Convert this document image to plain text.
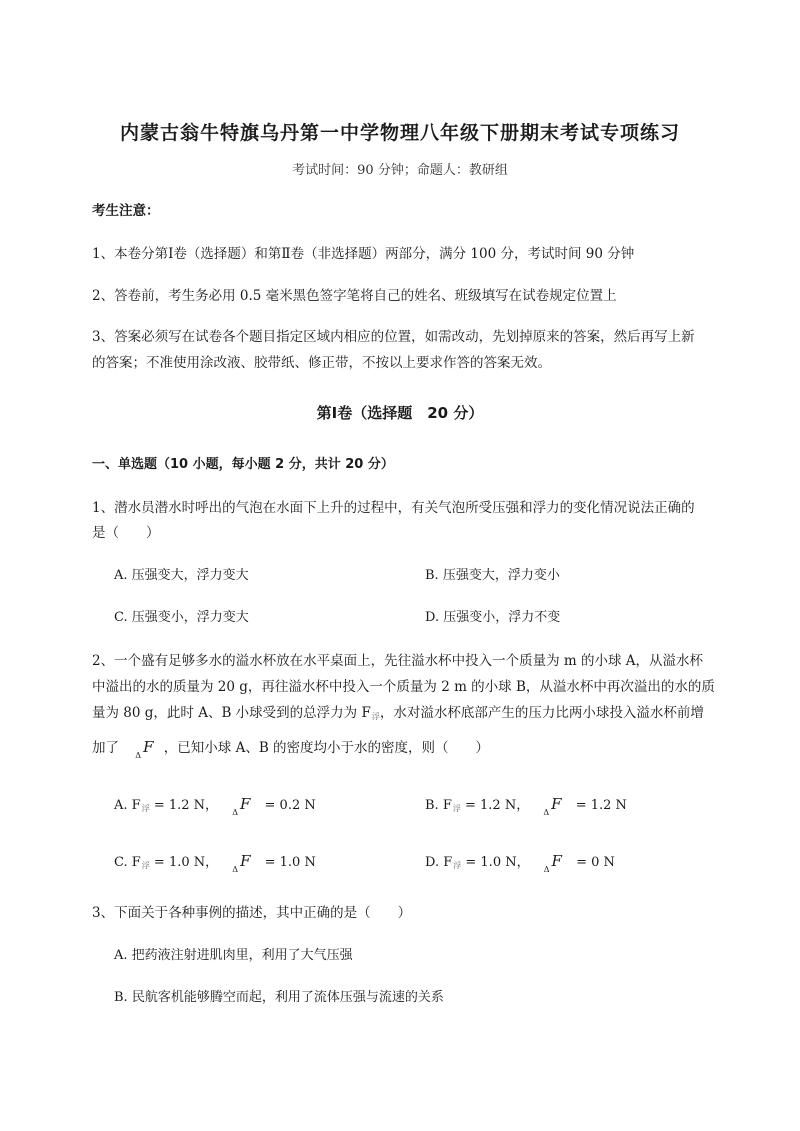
内蒙古翁牛特旗乌丹第一中学物理八年级下册期末考试专项练习
考试时间：90 分钟；命题人：教研组
考生注意：
1、本卷分第Ⅰ卷（选择题）和第Ⅱ卷（非选择题）两部分，满分 100 分，考试时间 90 分钟
2、答卷前，考生务必用 0.5 毫米黑色签字笔将自己的姓名、班级填写在试卷规定位置上
3、答案必须写在试卷各个题目指定区域内相应的位置，如需改动，先划掉原来的答案，然后再写上新
的答案；不准使用涂改液、胶带纸、修正带，不按以上要求作答的答案无效。
第Ⅰ卷（选择题　20 分）
一、单选题（10 小题，每小题 2 分，共计 20 分）
1、潜水员潜水时呼出的气泡在水面下上升的过程中，有关气泡所受压强和浮力的变化情况说法正确的
是（　　）
A. 压强变大，浮力变大	B. 压强变大，浮力变小
C. 压强变小，浮力变大	D. 压强变小，浮力不变
2、一个盛有足够多水的溢水杯放在水平桌面上，先往溢水杯中投入一个质量为 m 的小球 A，从溢水杯
中溢出的水的质量为 20 g，再往溢水杯中投入一个质量为 2 m 的小球 B，从溢水杯中再次溢出的水的质
量为 80 g，此时 A、B 小球受到的总浮力为 $F_浮$，水对溢水杯底部产生的压力比两小球投入溢水杯前增
加了 $_\Delta$ F ，已知小球 A、B 的密度均小于水的密度，则（　　）
A. $F_浮 = 1.2$ N， $_\Delta$ F = 0.2 N	B. $F_浮 = 1.2$ N， $_\Delta$ F = 1.2 N
C. $F_浮 = 1.0$ N， $_\Delta$ F = 1.0 N	D. $F_浮 = 1.0$ N， $_\Delta$ F = 0 N
3、下面关于各种事例的描述，其中正确的是（　　）
A. 把药液注射进肌肉里，利用了大气压强
B. 民航客机能够腾空而起，利用了流体压强与流速的关系
